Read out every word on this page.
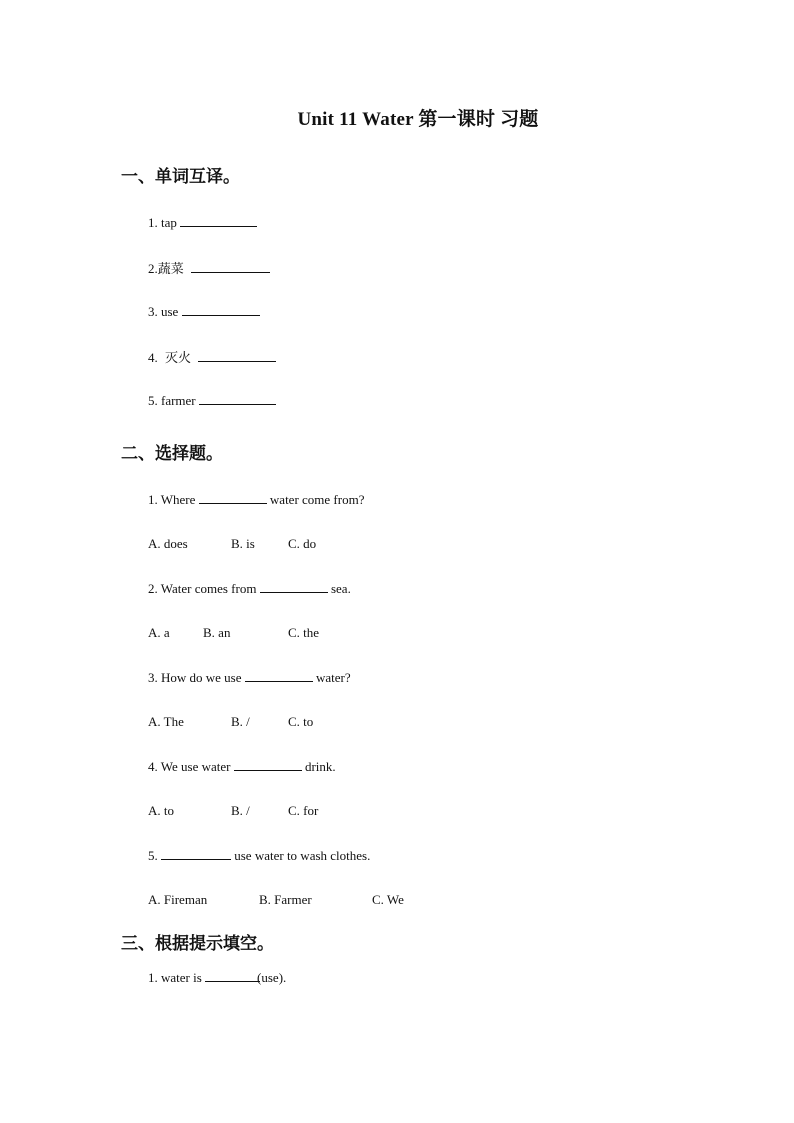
Unit 11 Water 第一课时 习题
一、单词互译。
1. tap
2.蔬菜
3. use
4. 灭火
5. farmer
二、选择题。
1. Where	water come from?
A. does	B. is	C. do
2. Water comes from	sea.
A. a	B. an	C. the
3. How do we use	water?
A. The	B. /	C. to
4. We use water	drink.
A. to	B. /	C. for
5.	use water to wash clothes.
A. Fireman	B. Farmer	C. We
三、根据提示填空。
1. water is	(use).
